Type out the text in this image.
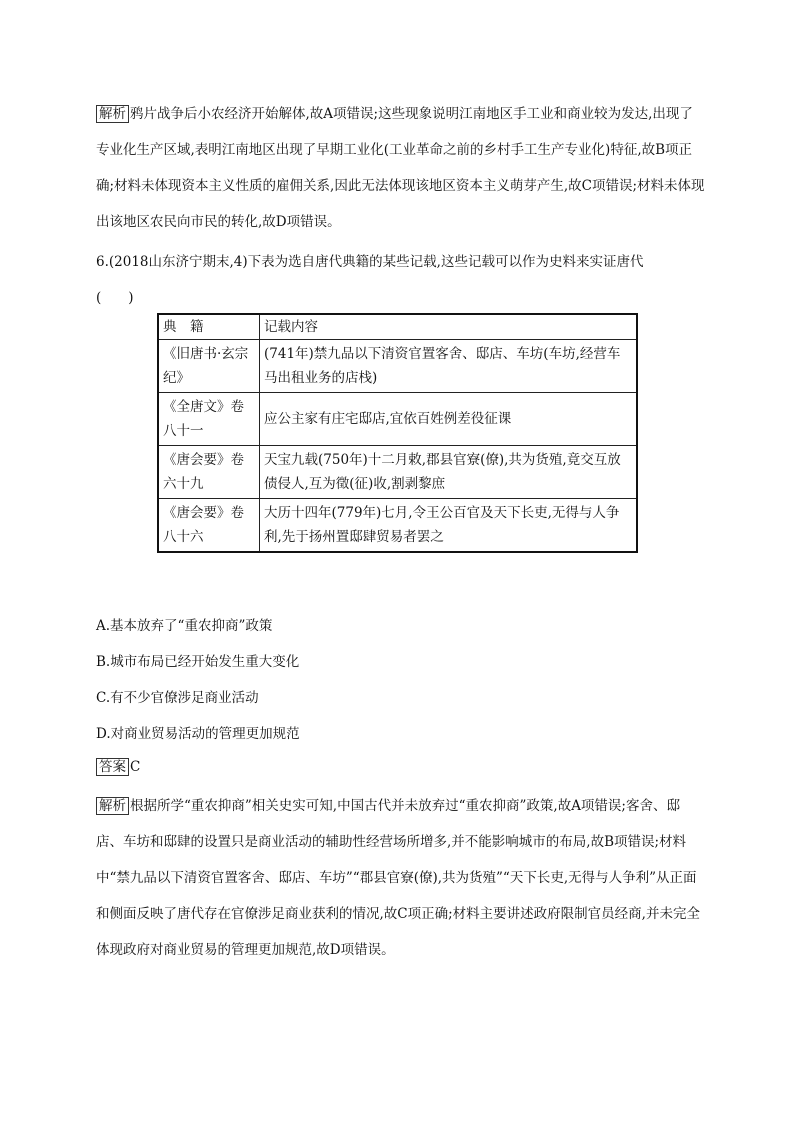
解析 鸦片战争后小农经济开始解体,故A项错误;这些现象说明江南地区手工业和商业较为发达,出现了专业化生产区域,表明江南地区出现了早期工业化(工业革命之前的乡村手工生产专业化)特征,故B项正确;材料未体现资本主义性质的雇佣关系,因此无法体现该地区资本主义萌芽产生,故C项错误;材料未体现出该地区农民向市民的转化,故D项错误。

6.(2018山东济宁期末,4)下表为选自唐代典籍的某些记载,这些记载可以作为史料来实证唐代

(　　)

典　籍	记载内容
《旧唐书·玄宗纪》	(741年)禁九品以下清资官置客舍、邸店、车坊(车坊,经营车马出租业务的店栈)
《全唐文》卷八十一	应公主家有庄宅邸店,宜依百姓例差役征课
《唐会要》卷六十九	天宝九载(750年)十二月敕,郡县官寮(僚),共为货殖,竟交互放债侵人,互为徵(征)收,割剥黎庶
《唐会要》卷八十六	大历十四年(779年)七月,令王公百官及天下长吏,无得与人争利,先于扬州置邸肆贸易者罢之

A.基本放弃了“重农抑商”政策

B.城市布局已经开始发生重大变化

C.有不少官僚涉足商业活动

D.对商业贸易活动的管理更加规范

答案 C

解析 根据所学“重农抑商”相关史实可知,中国古代并未放弃过“重农抑商”政策,故A项错误;客舍、邸店、车坊和邸肆的设置只是商业活动的辅助性经营场所增多,并不能影响城市的布局,故B项错误;材料中“禁九品以下清资官置客舍、邸店、车坊”“郡县官寮(僚),共为货殖”“天下长吏,无得与人争利”从正面和侧面反映了唐代存在官僚涉足商业获利的情况,故C项正确;材料主要讲述政府限制官员经商,并未完全体现政府对商业贸易的管理更加规范,故D项错误。
